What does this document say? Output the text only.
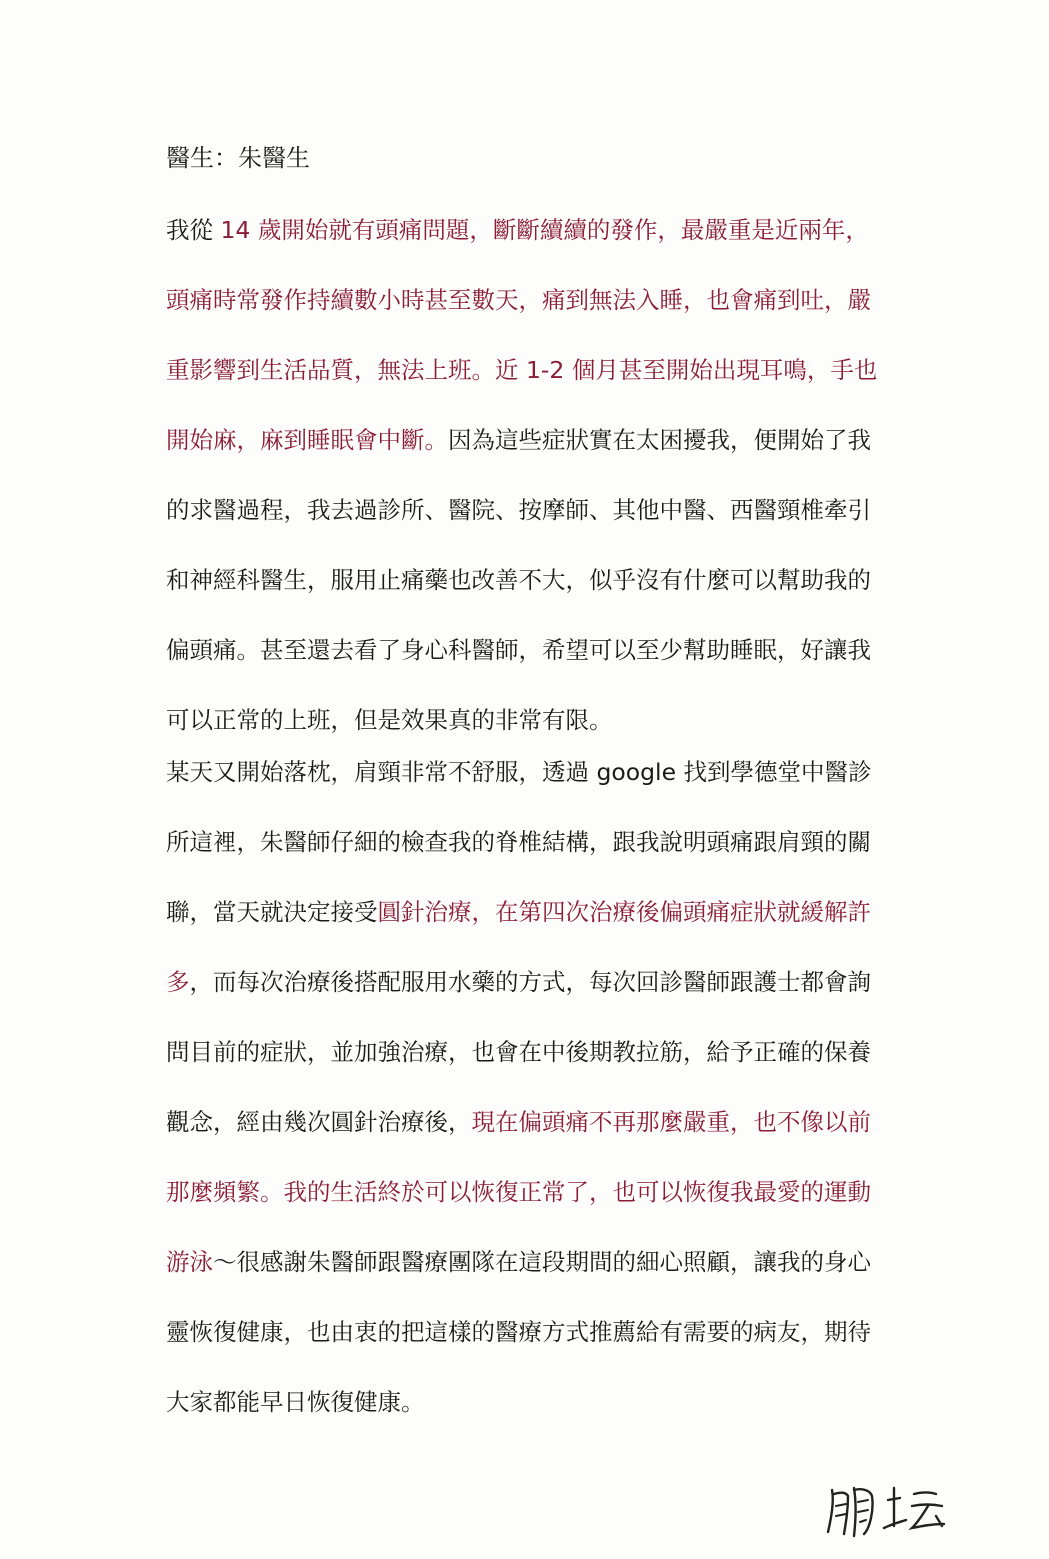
醫生：朱醫生
我從 14 歲開始就有頭痛問題，斷斷續續的發作，最嚴重是近兩年，
頭痛時常發作持續數小時甚至數天，痛到無法入睡，也會痛到吐，嚴
重影響到生活品質，無法上班。近 1-2 個月甚至開始出現耳鳴，手也
開始麻，麻到睡眠會中斷。因為這些症狀實在太困擾我，便開始了我
的求醫過程，我去過診所、醫院、按摩師、其他中醫、西醫頸椎牽引
和神經科醫生，服用止痛藥也改善不大，似乎沒有什麼可以幫助我的
偏頭痛。甚至還去看了身心科醫師，希望可以至少幫助睡眠，好讓我
可以正常的上班，但是效果真的非常有限。
某天又開始落枕，肩頸非常不舒服，透過 google 找到學德堂中醫診
所這裡，朱醫師仔細的檢查我的脊椎結構，跟我說明頭痛跟肩頸的關
聯，當天就決定接受圓針治療，在第四次治療後偏頭痛症狀就緩解許
多，而每次治療後搭配服用水藥的方式，每次回診醫師跟護士都會詢
問目前的症狀，並加強治療，也會在中後期教拉筋，給予正確的保養
觀念，經由幾次圓針治療後，現在偏頭痛不再那麼嚴重，也不像以前
那麼頻繁。我的生活終於可以恢復正常了，也可以恢復我最愛的運動
游泳～很感謝朱醫師跟醫療團隊在這段期間的細心照顧，讓我的身心
靈恢復健康，也由衷的把這樣的醫療方式推薦給有需要的病友，期待
大家都能早日恢復健康。
